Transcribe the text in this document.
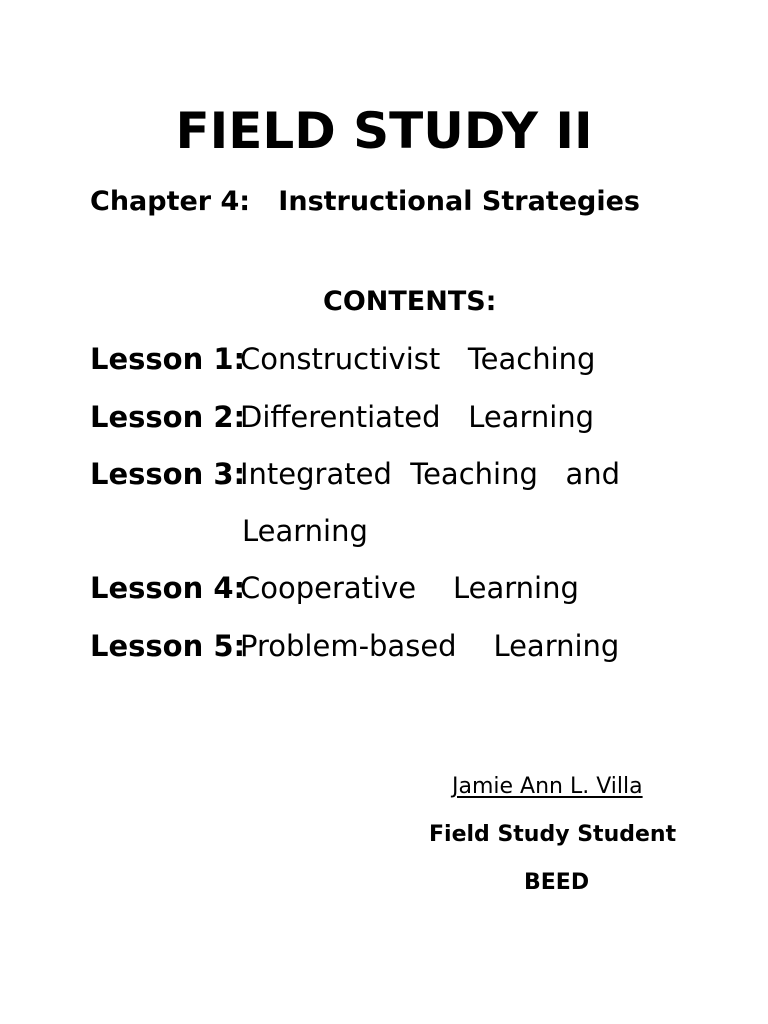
FIELD STUDY II
Chapter 4:   Instructional Strategies
CONTENTS:
Lesson 1:Constructivist   Teaching
Lesson 2:Differentiated   Learning
Lesson 3:Integrated  Teaching   and
Learning
Lesson 4:Cooperative    Learning
Lesson 5:Problem-based    Learning
Jamie Ann L. Villa
Field Study Student
BEED
